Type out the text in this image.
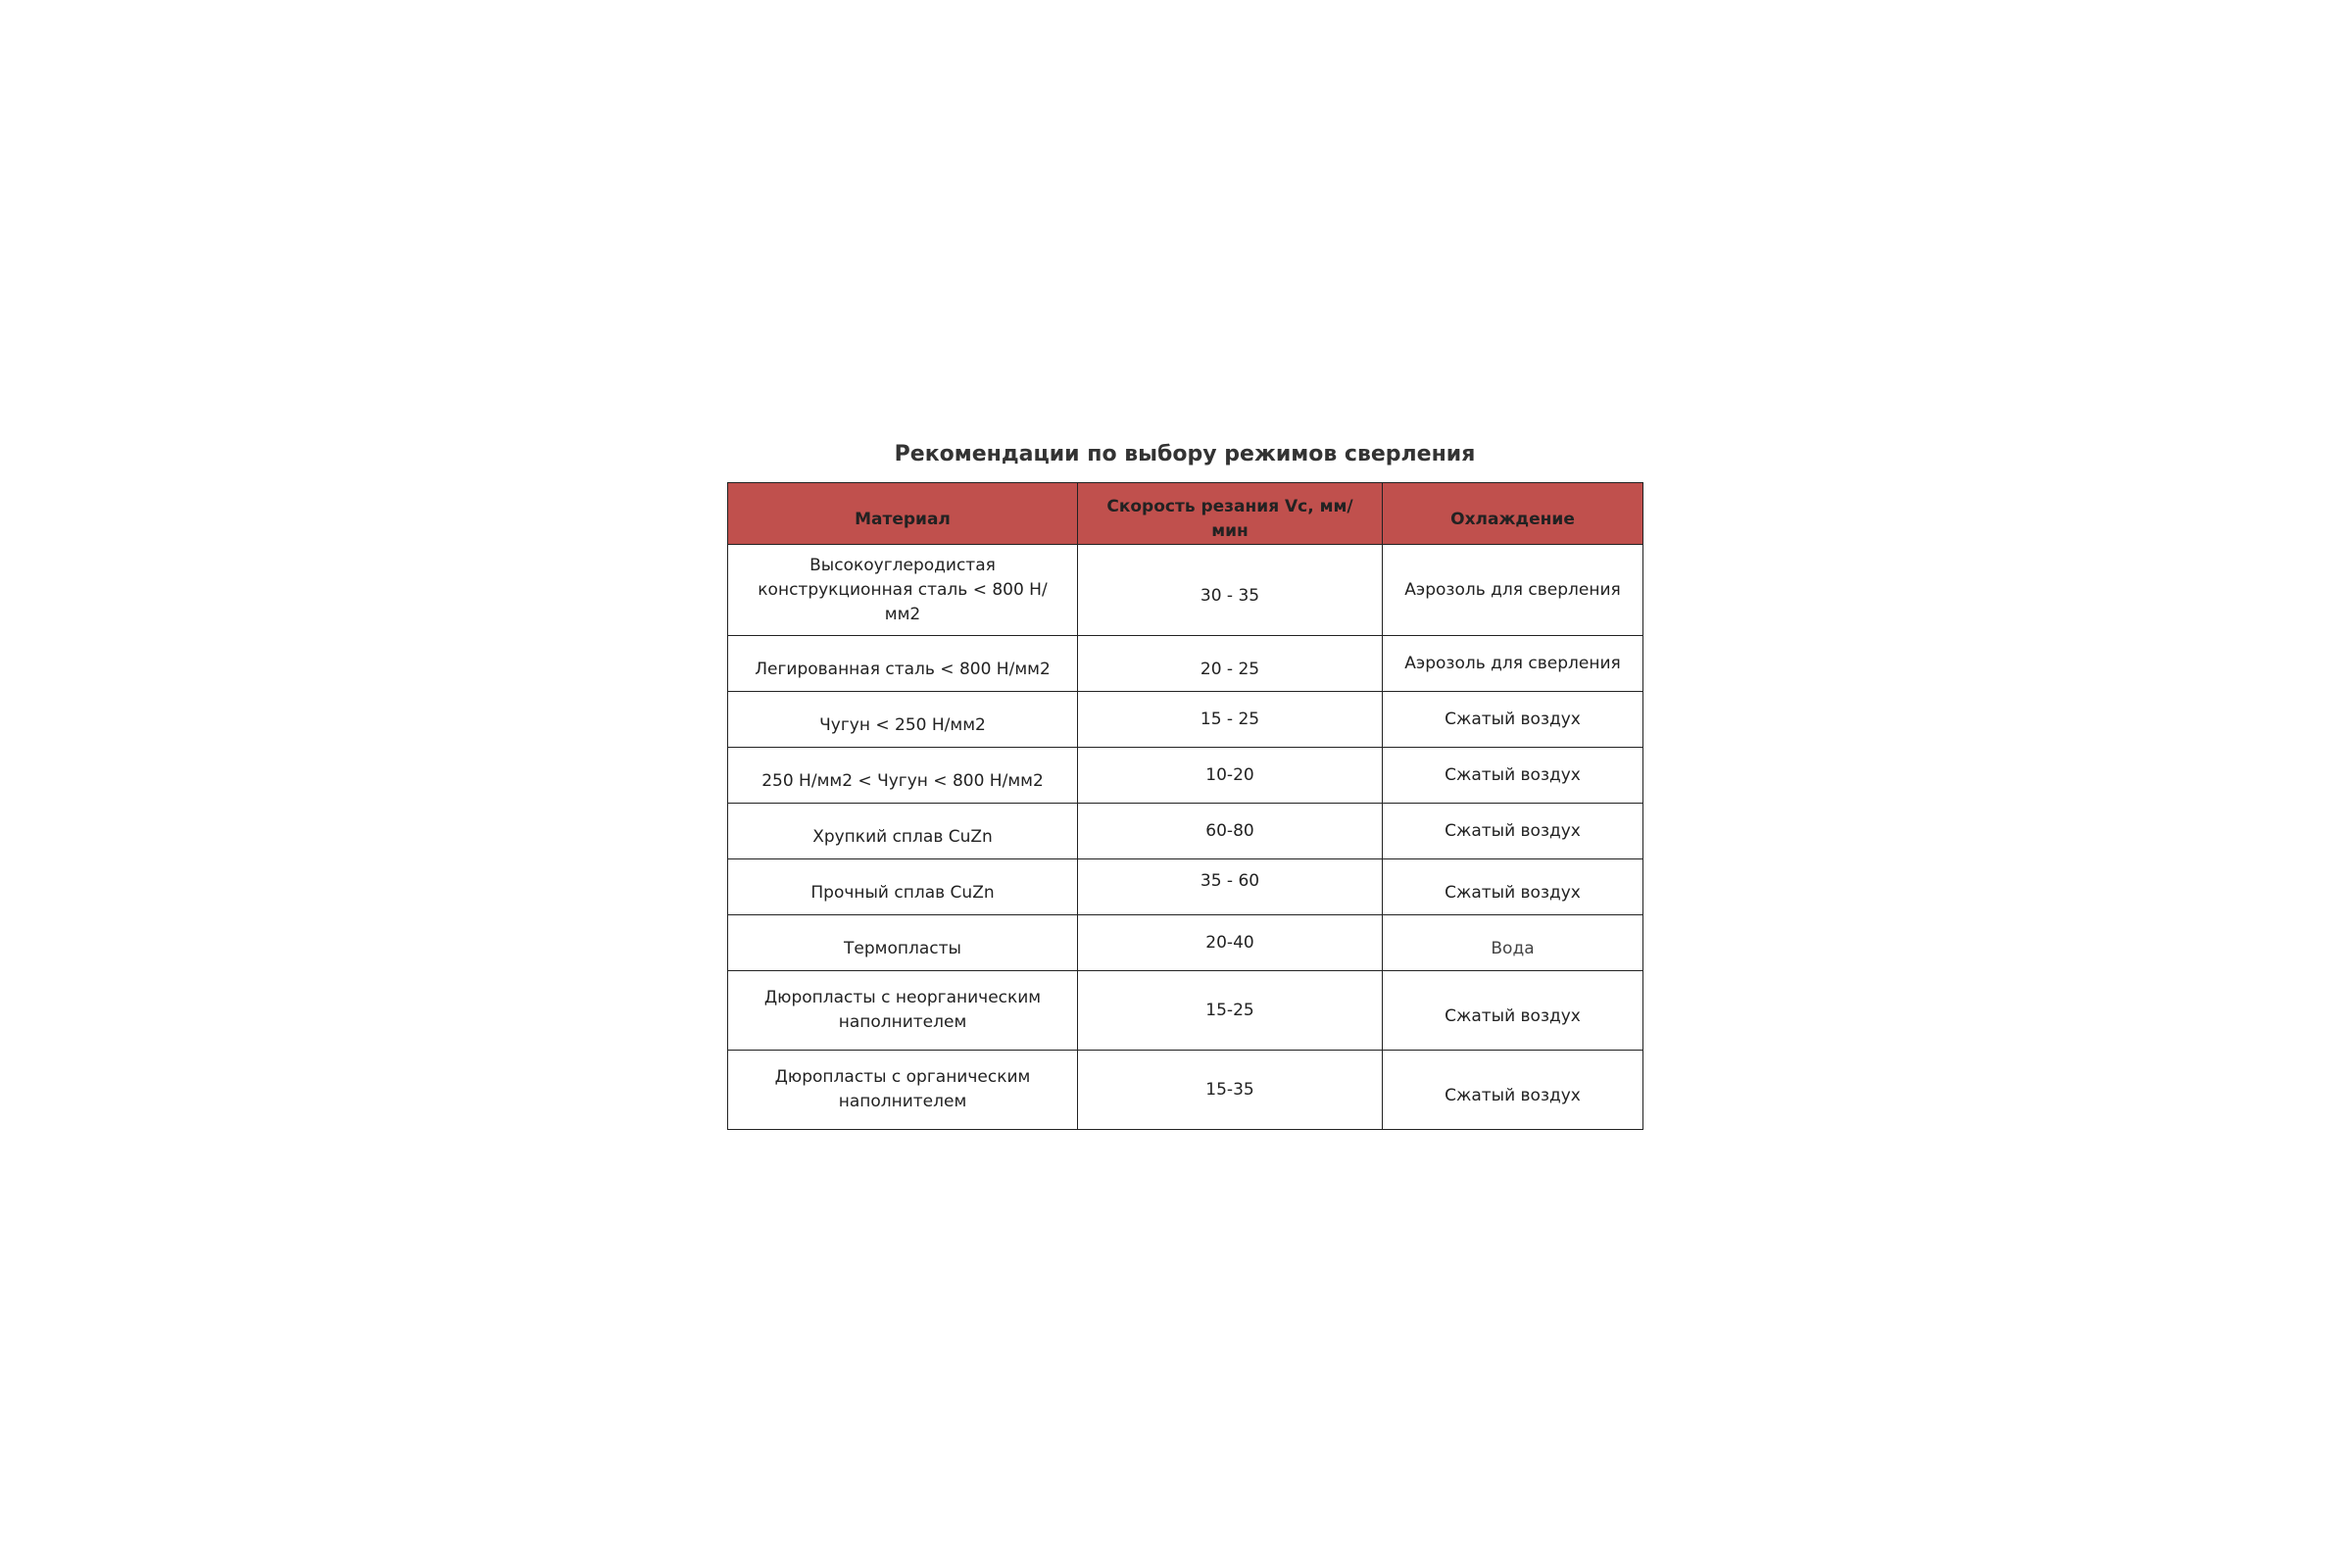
Рекомендации по выбору режимов сверления
Материал	Скорость резания Vc, мм/мин	Охлаждение
Высокоуглеродистая конструкционная сталь < 800 Н/мм2	30 - 35	Аэрозоль для сверления
Легированная сталь < 800 Н/мм2	20 - 25	Аэрозоль для сверления
Чугун < 250 Н/мм2	15 - 25	Сжатый воздух
250 Н/мм2 < Чугун < 800 Н/мм2	10-20	Сжатый воздух
Хрупкий сплав CuZn	60-80	Сжатый воздух
Прочный сплав CuZn	35 - 60	Сжатый воздух
Термопласты	20-40	Вода
Дюропласты с неорганическим наполнителем	15-25	Сжатый воздух
Дюропласты с органическим наполнителем	15-35	Сжатый воздух
